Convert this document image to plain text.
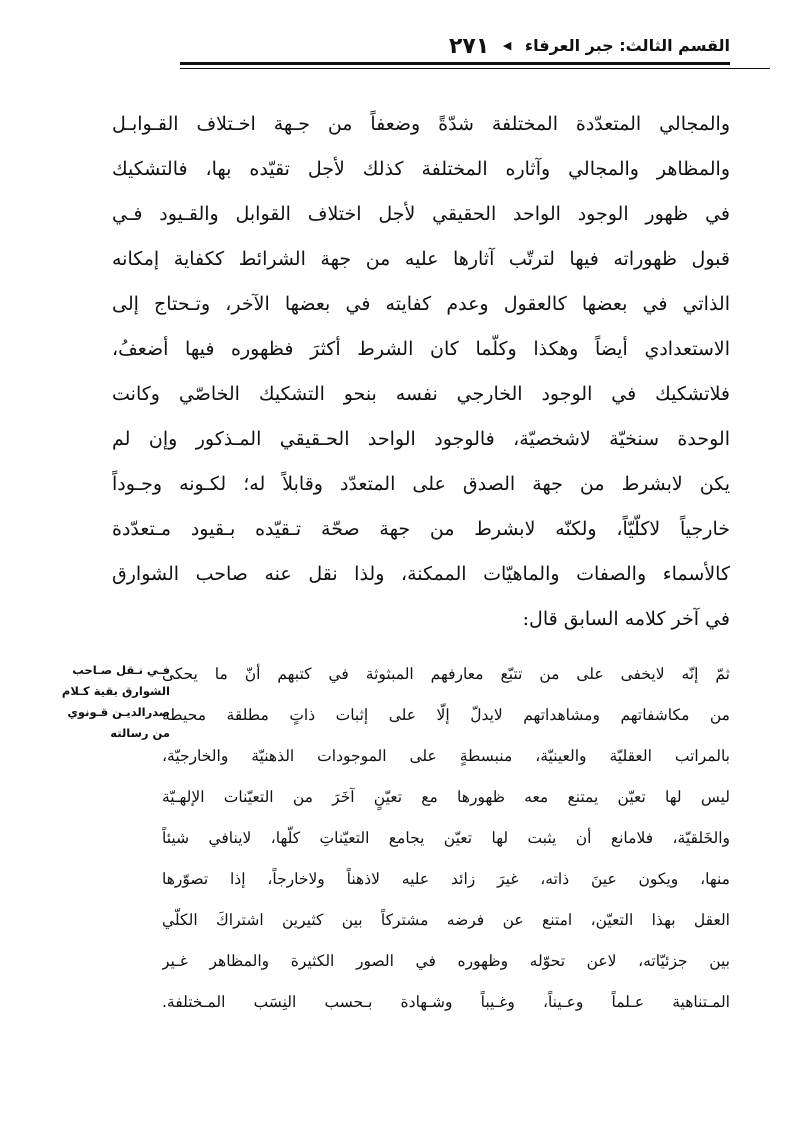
القسم الثالث: جبر العرفاء ◀ ٢٧١
والمجالي المتعدّدة المختلفة شدّةً وضعفاً من جـهة اخـتلاف القـوابـل
والمظاهر والمجالي وآثاره المختلفة كذلك لأجل تقيّده بها، فالتشكيك
في ظهور الوجود الواحد الحقيقي لأجل اختلاف القوابل والقـيود فـي
قبول ظهوراته فيها لترتّب آثارها عليه من جهة الشرائط ككفاية إمكانه
الذاتي في بعضها كالعقول وعدم كفايته في بعضها الآخر، وتـحتاج إلى
الاستعدادي أيضاً وهكذا وكلّما كان الشرط أكثرَ فظهوره فيها أضعفُ،
فلاتشكيك في الوجود الخارجي نفسه بنحو التشكيك الخاصّي وكانت
الوحدة سنخيّة لاشخصيّة، فالوجود الواحد الحـقيقي المـذكور وإن لم
يكن لابشرط من جهة الصدق على المتعدّد وقابلاً له؛ لكـونه وجـوداً
خارجياً لاكلّيّاً، ولكنّه لابشرط من جهة صحّة تـقيّده بـقيود مـتعدّدة
كالأسماء والصفات والماهيّات الممكنة، ولذا نقل عنه صاحب الشوارق
في آخر كلامه السابق قال:
ثمّ إنّه لايخفى على من تتبّع معارفهم المبثوثة في كتبهم أنّ ما يحكى
من مكاشفاتهم ومشاهداتهم لايدلّ إلّا على إثبات ذاتٍ مطلقة محيطة
بالمراتب العقليّة والعينيّة، منبسطةٍ على الموجودات الذهنيّة والخارجيّة،
ليس لها تعيّن يمتنع معه ظهورها مع تعيّنٍ آخَرَ من التعيّنات الإلهـيّة
والخَلقيّة، فلامانع أن يثبت لها تعيّن يجامع التعيّناتِ كلّها، لاينافي شيئاً
منها، ويكون عينَ ذاته، غيرَ زائد عليه لاذهناً ولاخارجاً، إذا تصوّرها
العقل بهذا التعيّن، امتنع عن فرضه مشتركاً بين كثيرين اشتراكَ الكلّي
بين جزئيّاته، لاعن تحوّله وظهوره في الصور الكثيرة والمظاهر غـير
المـتناهية عـلماً وعـيناً، وغـيباً وشـهادة بـحسب النِسَب المـختلفة.
فـي نـقل صـاحب
الشوارق بقية كـلام
صدرالديـن قـونوي
من رسالته
